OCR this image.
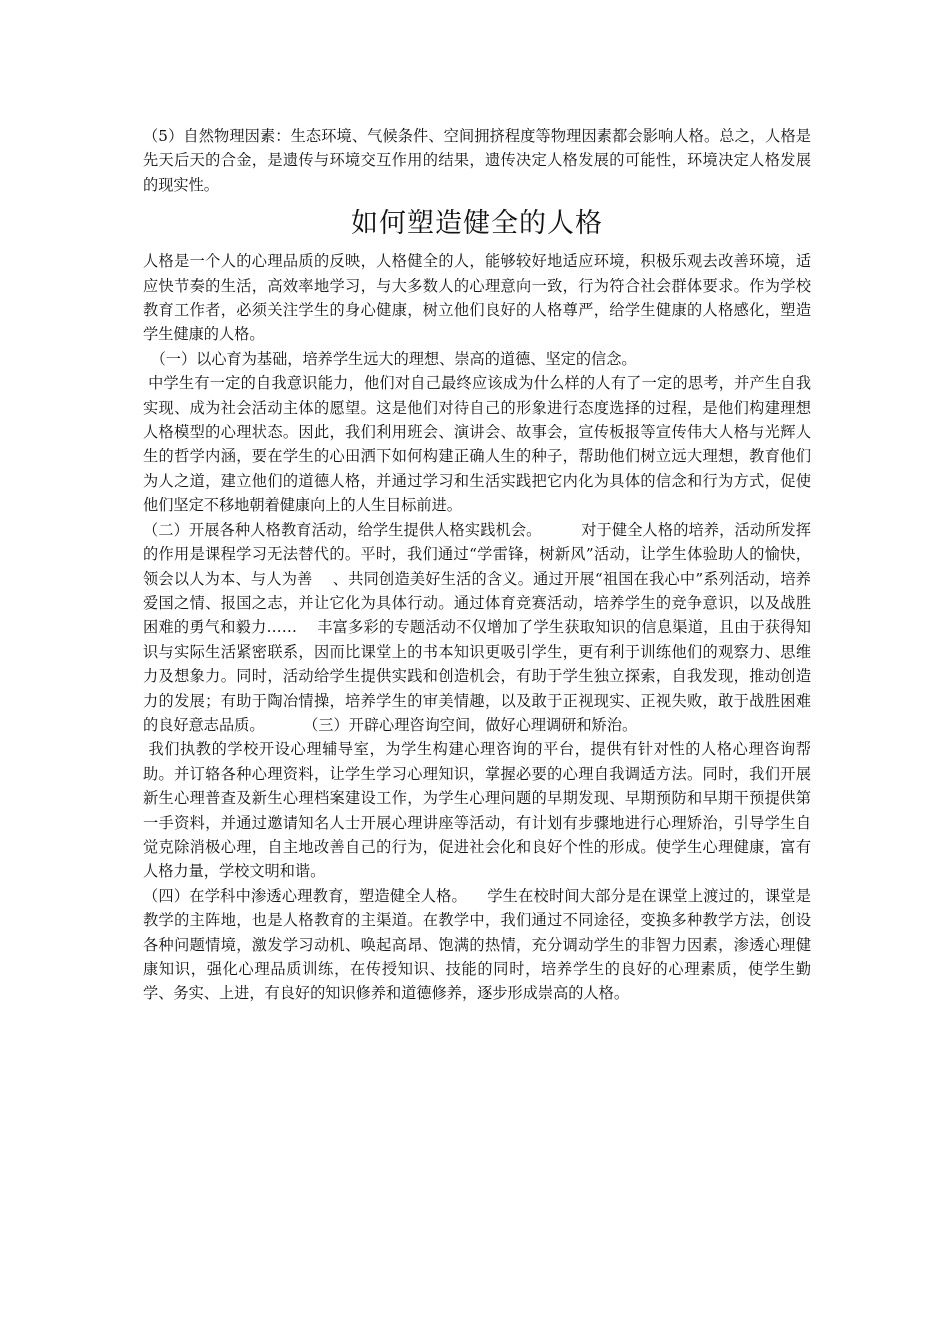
（5）自然物理因素：生态环境、气候条件、空间拥挤程度等物理因素都会影响人格。总之，人格是先天后天的合金，是遗传与环境交互作用的结果，遗传决定人格发展的可能性，环境决定人格发展的现实性。

如何塑造健全的人格

人格是一个人的心理品质的反映，人格健全的人，能够较好地适应环境，积极乐观去改善环境，适应快节奏的生活，高效率地学习，与大多数人的心理意向一致，行为符合社会群体要求。作为学校教育工作者，必须关注学生的身心健康，树立他们良好的人格尊严，给学生健康的人格感化，塑造学生健康的人格。

　（一）以心育为基础，培养学生远大的理想、崇高的道德、坚定的信念。

中学生有一定的自我意识能力，他们对自己最终应该成为什么样的人有了一定的思考，并产生自我实现、成为社会活动主体的愿望。这是他们对待自己的形象进行态度选择的过程，是他们构建理想人格模型的心理状态。因此，我们利用班会、演讲会、故事会，宣传板报等宣传伟大人格与光辉人生的哲学内涵，要在学生的心田洒下如何构建正确人生的种子，帮助他们树立远大理想，教育他们为人之道，建立他们的道德人格，并通过学习和生活实践把它内化为具体的信念和行为方式，促使他们坚定不移地朝着健康向上的人生目标前进。

（二）开展各种人格教育活动，给学生提供人格实践机会。        对于健全人格的培养，活动所发挥的作用是课程学习无法替代的。平时，我们通过“学雷锋，树新风”活动，让学生体验助人的愉快，领会以人为本、与人为善    、共同创造美好生活的含义。通过开展“祖国在我心中”系列活动，培养爱国之情、报国之志，并让它化为具体行动。通过体育竞赛活动，培养学生的竞争意识，以及战胜困难的勇气和毅力……    丰富多彩的专题活动不仅增加了学生获取知识的信息渠道，且由于获得知识与实际生活紧密联系，因而比课堂上的书本知识更吸引学生，更有利于训练他们的观察力、思维力及想象力。同时，活动给学生提供实践和创造机会，有助于学生独立探索，自我发现，推动创造力的发展；有助于陶冶情操，培养学生的审美情趣，以及敢于正视现实、正视失败，敢于战胜困难的良好意志品质。        （三）开辟心理咨询空间，做好心理调研和矫治。

我们执教的学校开设心理辅导室，为学生构建心理咨询的平台，提供有针对性的人格心理咨询帮助。并订辂各种心理资料，让学生学习心理知识，掌握必要的心理自我调适方法。同时，我们开展新生心理普查及新生心理档案建设工作，为学生心理问题的早期发现、早期预防和早期干预提供第一手资料，并通过邀请知名人士开展心理讲座等活动，有计划有步骤地进行心理矫治，引导学生自觉克除消极心理，自主地改善自己的行为，促进社会化和良好个性的形成。使学生心理健康，富有人格力量，学校文明和谐。

（四）在学科中渗透心理教育，塑造健全人格。    学生在校时间大部分是在课堂上渡过的，课堂是教学的主阵地，也是人格教育的主渠道。在教学中，我们通过不同途径，变换多种教学方法，创设各种问题情境，激发学习动机、唤起高昂、饱满的热情，充分调动学生的非智力因素，渗透心理健康知识，强化心理品质训练，在传授知识、技能的同时，培养学生的良好的心理素质，使学生勤学、务实、上进，有良好的知识修养和道德修养，逐步形成崇高的人格。
